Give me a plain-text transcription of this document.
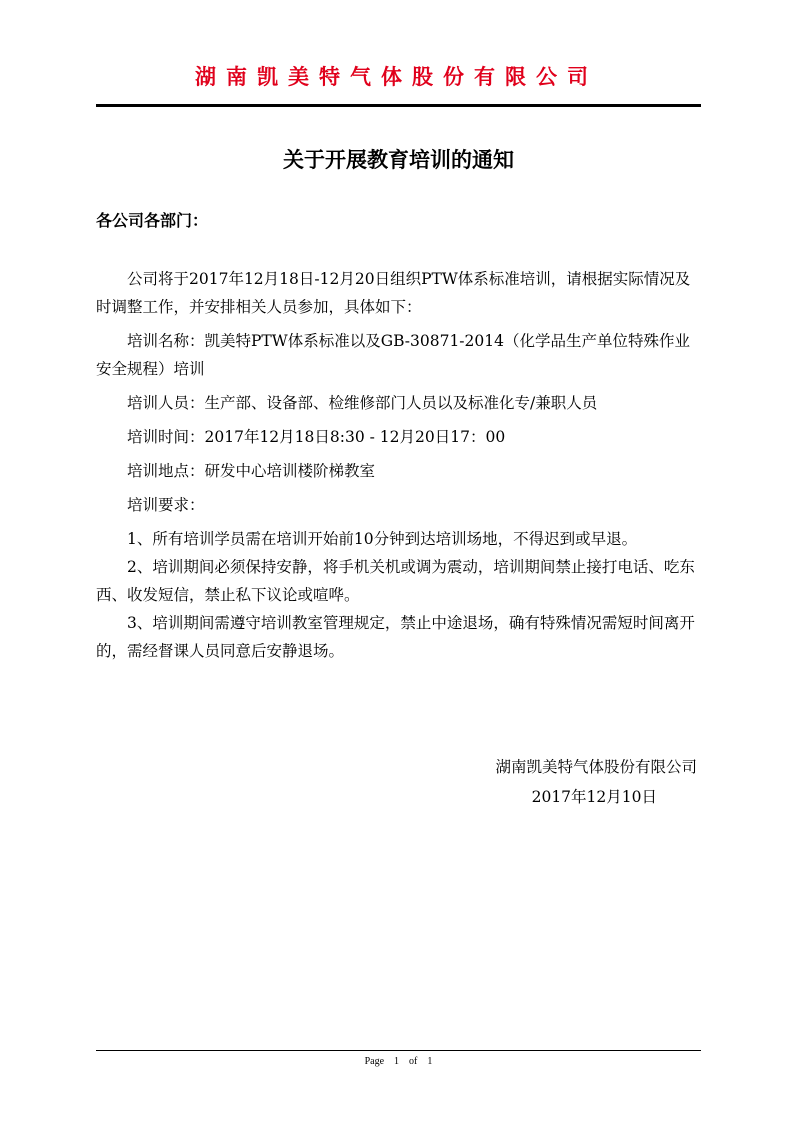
湖南凯美特气体股份有限公司
关于开展教育培训的通知
各公司各部门：

公司将于2017年12月18日-12月20日组织PTW体系标准培训，请根据实际情况及时调整工作，并安排相关人员参加，具体如下：

培训名称：凯美特PTW体系标准以及GB-30871-2014（化学品生产单位特殊作业安全规程）培训

培训人员：生产部、设备部、检维修部门人员以及标准化专/兼职人员

培训时间：2017年12月18日8:30 - 12月20日17：00

培训地点：研发中心培训楼阶梯教室

培训要求：

1、所有培训学员需在培训开始前10分钟到达培训场地，不得迟到或早退。

2、培训期间必须保持安静，将手机关机或调为震动，培训期间禁止接打电话、吃东西、收发短信，禁止私下议论或喧哗。

3、培训期间需遵守培训教室管理规定，禁止中途退场，确有特殊情况需短时间离开的，需经督课人员同意后安静退场。

湖南凯美特气体股份有限公司
2017年12月10日
Page    1    of    1
